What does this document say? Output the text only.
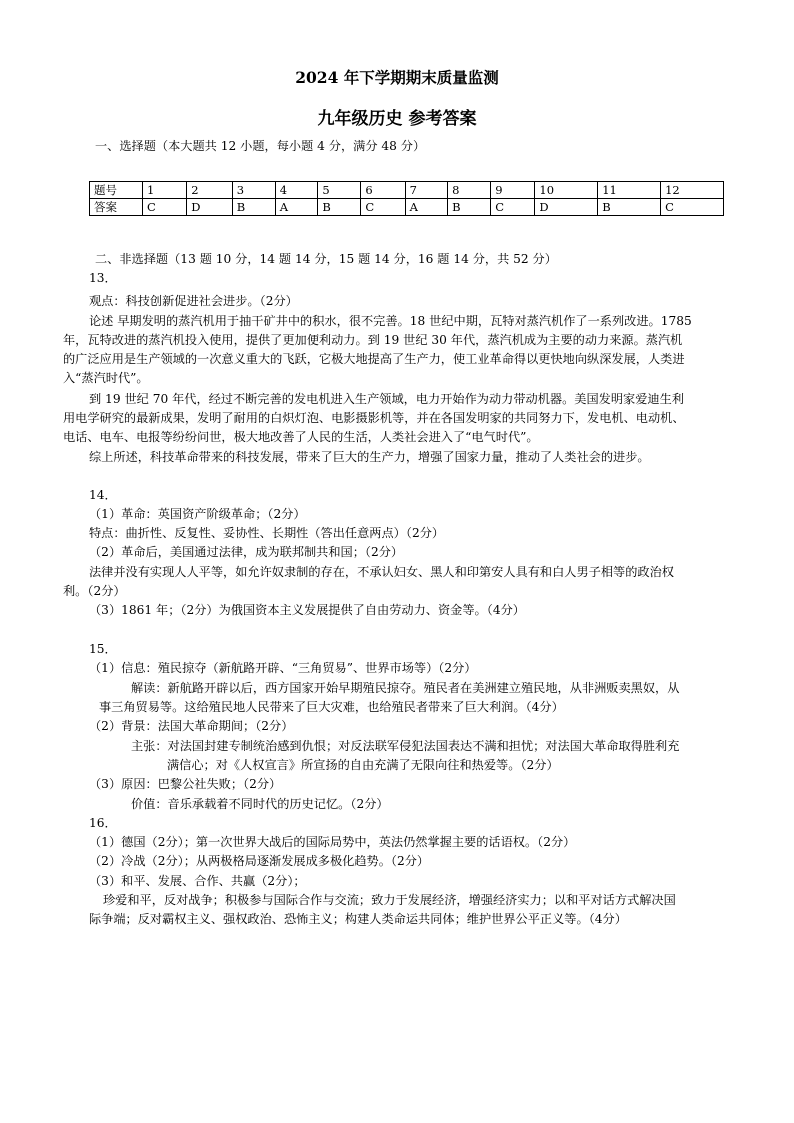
2024 年下学期期末质量监测
九年级历史 参考答案
一、选择题（本大题共 12 小题，每小题 4 分，满分 48 分）
题号	1	2	3	4	5	6	7	8	9	10	11	12
答案	C	D	B	A	B	C	A	B	C	D	B	C
二、非选择题（13 题 10 分，14 题 14 分，15 题 14 分，16 题 14 分，共 52 分）
13．
观点：科技创新促进社会进步。（2分）
论述 早期发明的蒸汽机用于抽干矿井中的积水，很不完善。18 世纪中期，瓦特对蒸汽机作了一系列改进。1785
年，瓦特改进的蒸汽机投入使用，提供了更加便利动力。到 19 世纪 30 年代，蒸汽机成为主要的动力来源。蒸汽机
的广泛应用是生产领域的一次意义重大的飞跃，它极大地提高了生产力，使工业革命得以更快地向纵深发展，人类进
入“蒸汽时代”。
到 19 世纪 70 年代，经过不断完善的发电机进入生产领域，电力开始作为动力带动机器。美国发明家爱迪生利
用电学研究的最新成果，发明了耐用的白炽灯泡、电影摄影机等，并在各国发明家的共同努力下，发电机、电动机、
电话、电车、电报等纷纷问世，极大地改善了人民的生活，人类社会进入了“电气时代”。
综上所述，科技革命带来的科技发展，带来了巨大的生产力，增强了国家力量，推动了人类社会的进步。
14．
（1）革命：英国资产阶级革命；（2分）
特点：曲折性、反复性、妥协性、长期性（答出任意两点）（2分）
（2）革命后，美国通过法律，成为联邦制共和国；（2分）
法律并没有实现人人平等，如允许奴隶制的存在，不承认妇女、黑人和印第安人具有和白人男子相等的政治权
利。（2分）
（3）1861 年；（2分）为俄国资本主义发展提供了自由劳动力、资金等。（4分）
15．
（1）信息：殖民掠夺（新航路开辟、“三角贸易”、世界市场等）（2分）
解读：新航路开辟以后，西方国家开始早期殖民掠夺。殖民者在美洲建立殖民地，从非洲贩卖黑奴，从
事三角贸易等。这给殖民地人民带来了巨大灾难，也给殖民者带来了巨大利润。（4分）
（2）背景：法国大革命期间；（2分）
主张：对法国封建专制统治感到仇恨；对反法联军侵犯法国表达不满和担忧；对法国大革命取得胜利充
满信心；对《人权宣言》所宣扬的自由充满了无限向往和热爱等。（2分）
（3）原因：巴黎公社失败；（2分）
价值：音乐承载着不同时代的历史记忆。（2分）
16．
（1）德国（2分）；第一次世界大战后的国际局势中，英法仍然掌握主要的话语权。（2分）
（2）冷战（2分）；从两极格局逐渐发展成多极化趋势。（2分）
（3）和平、发展、合作、共赢（2分）；
珍爱和平，反对战争；积极参与国际合作与交流；致力于发展经济，增强经济实力；以和平对话方式解决国
际争端；反对霸权主义、强权政治、恐怖主义；构建人类命运共同体；维护世界公平正义等。（4分）
